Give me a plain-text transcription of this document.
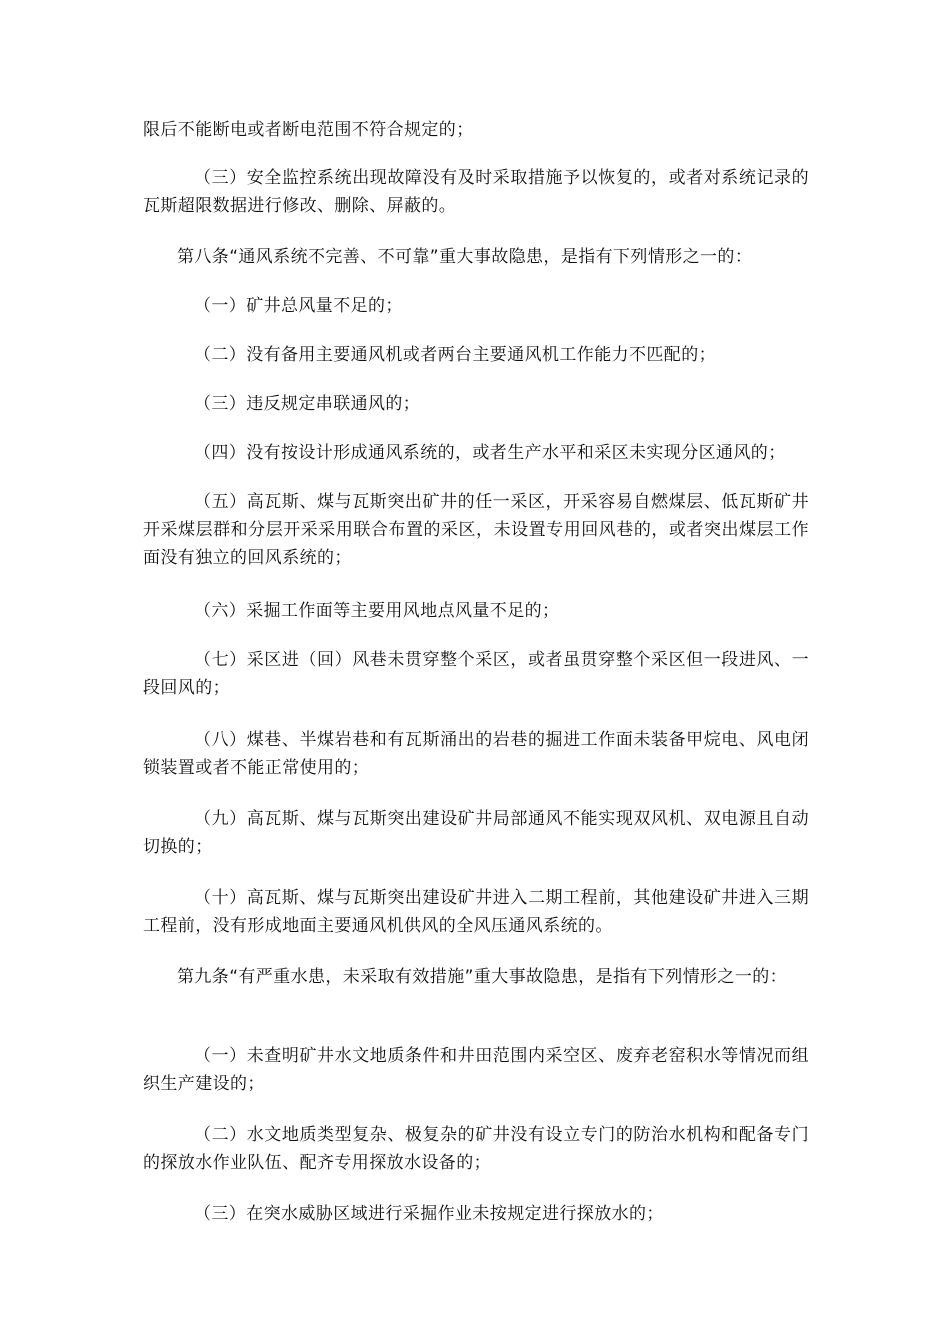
限后不能断电或者断电范围不符合规定的；

（三）安全监控系统出现故障没有及时采取措施予以恢复的，或者对系统记录的瓦斯超限数据进行修改、删除、屏蔽的。

第八条“通风系统不完善、不可靠”重大事故隐患，是指有下列情形之一的：

（一）矿井总风量不足的；

（二）没有备用主要通风机或者两台主要通风机工作能力不匹配的；

（三）违反规定串联通风的；

（四）没有按设计形成通风系统的，或者生产水平和采区未实现分区通风的；

（五）高瓦斯、煤与瓦斯突出矿井的任一采区，开采容易自燃煤层、低瓦斯矿井开采煤层群和分层开采采用联合布置的采区，未设置专用回风巷的，或者突出煤层工作面没有独立的回风系统的；

（六）采掘工作面等主要用风地点风量不足的；

（七）采区进（回）风巷未贯穿整个采区，或者虽贯穿整个采区但一段进风、一段回风的；

（八）煤巷、半煤岩巷和有瓦斯涌出的岩巷的掘进工作面未装备甲烷电、风电闭锁装置或者不能正常使用的；

（九）高瓦斯、煤与瓦斯突出建设矿井局部通风不能实现双风机、双电源且自动切换的；

（十）高瓦斯、煤与瓦斯突出建设矿井进入二期工程前，其他建设矿井进入三期工程前，没有形成地面主要通风机供风的全风压通风系统的。

第九条“有严重水患，未采取有效措施”重大事故隐患，是指有下列情形之一的：

（一）未查明矿井水文地质条件和井田范围内采空区、废弃老窑积水等情况而组织生产建设的；

（二）水文地质类型复杂、极复杂的矿井没有设立专门的防治水机构和配备专门的探放水作业队伍、配齐专用探放水设备的；

（三）在突水威胁区域进行采掘作业未按规定进行探放水的；
